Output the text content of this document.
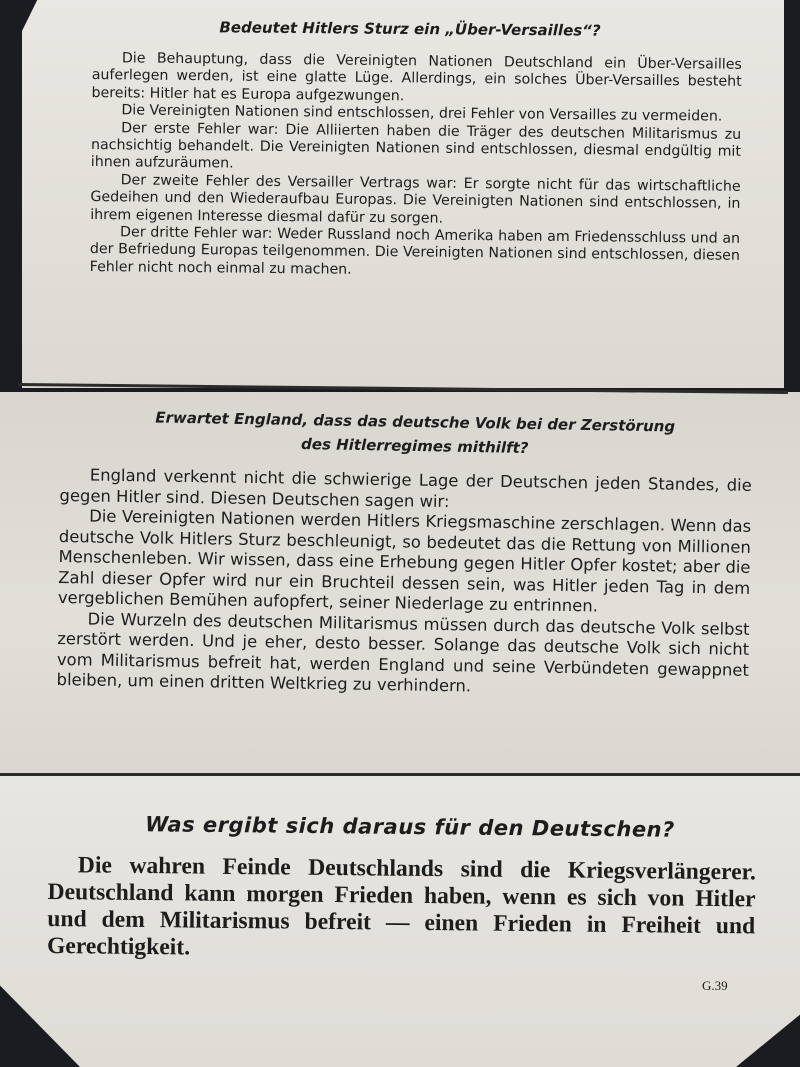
Bedeutet Hitlers Sturz ein „Über-Versailles“?

Die Behauptung, dass die Vereinigten Nationen Deutschland ein Über-Versailles auferlegen werden, ist eine glatte Lüge. Allerdings, ein solches Über-Versailles besteht bereits: Hitler hat es Europa aufgezwungen.

Die Vereinigten Nationen sind entschlossen, drei Fehler von Versailles zu vermeiden.

Der erste Fehler war: Die Alliierten haben die Träger des deutschen Militarismus zu nachsichtig behandelt. Die Vereinigten Nationen sind entschlossen, diesmal endgültig mit ihnen aufzuräumen.

Der zweite Fehler des Versailler Vertrags war: Er sorgte nicht für das wirtschaftliche Gedeihen und den Wiederaufbau Europas. Die Vereinigten Nationen sind entschlossen, in ihrem eigenen Interesse diesmal dafür zu sorgen.

Der dritte Fehler war: Weder Russland noch Amerika haben am Friedensschluss und an der Befriedung Europas teilgenommen. Die Vereinigten Nationen sind entschlossen, diesen Fehler nicht noch einmal zu machen.

Erwartet England, dass das deutsche Volk bei der Zerstörung
des Hitlerregimes mithilft?

England verkennt nicht die schwierige Lage der Deutschen jeden Standes, die gegen Hitler sind. Diesen Deutschen sagen wir:

Die Vereinigten Nationen werden Hitlers Kriegsmaschine zerschlagen. Wenn das deutsche Volk Hitlers Sturz beschleunigt, so bedeutet das die Rettung von Millionen Menschenleben. Wir wissen, dass eine Erhebung gegen Hitler Opfer kostet; aber die Zahl dieser Opfer wird nur ein Bruchteil dessen sein, was Hitler jeden Tag in dem vergeblichen Bemühen aufopfert, seiner Niederlage zu entrinnen.

Die Wurzeln des deutschen Militarismus müssen durch das deutsche Volk selbst zerstört werden. Und je eher, desto besser. Solange das deutsche Volk sich nicht vom Militarismus befreit hat, werden England und seine Verbündeten gewappnet bleiben, um einen dritten Weltkrieg zu verhindern.

Was ergibt sich daraus für den Deutschen?

Die wahren Feinde Deutschlands sind die Kriegsverlängerer. Deutschland kann morgen Frieden haben, wenn es sich von Hitler und dem Militarismus befreit — einen Frieden in Freiheit und Gerechtigkeit.

G.39
